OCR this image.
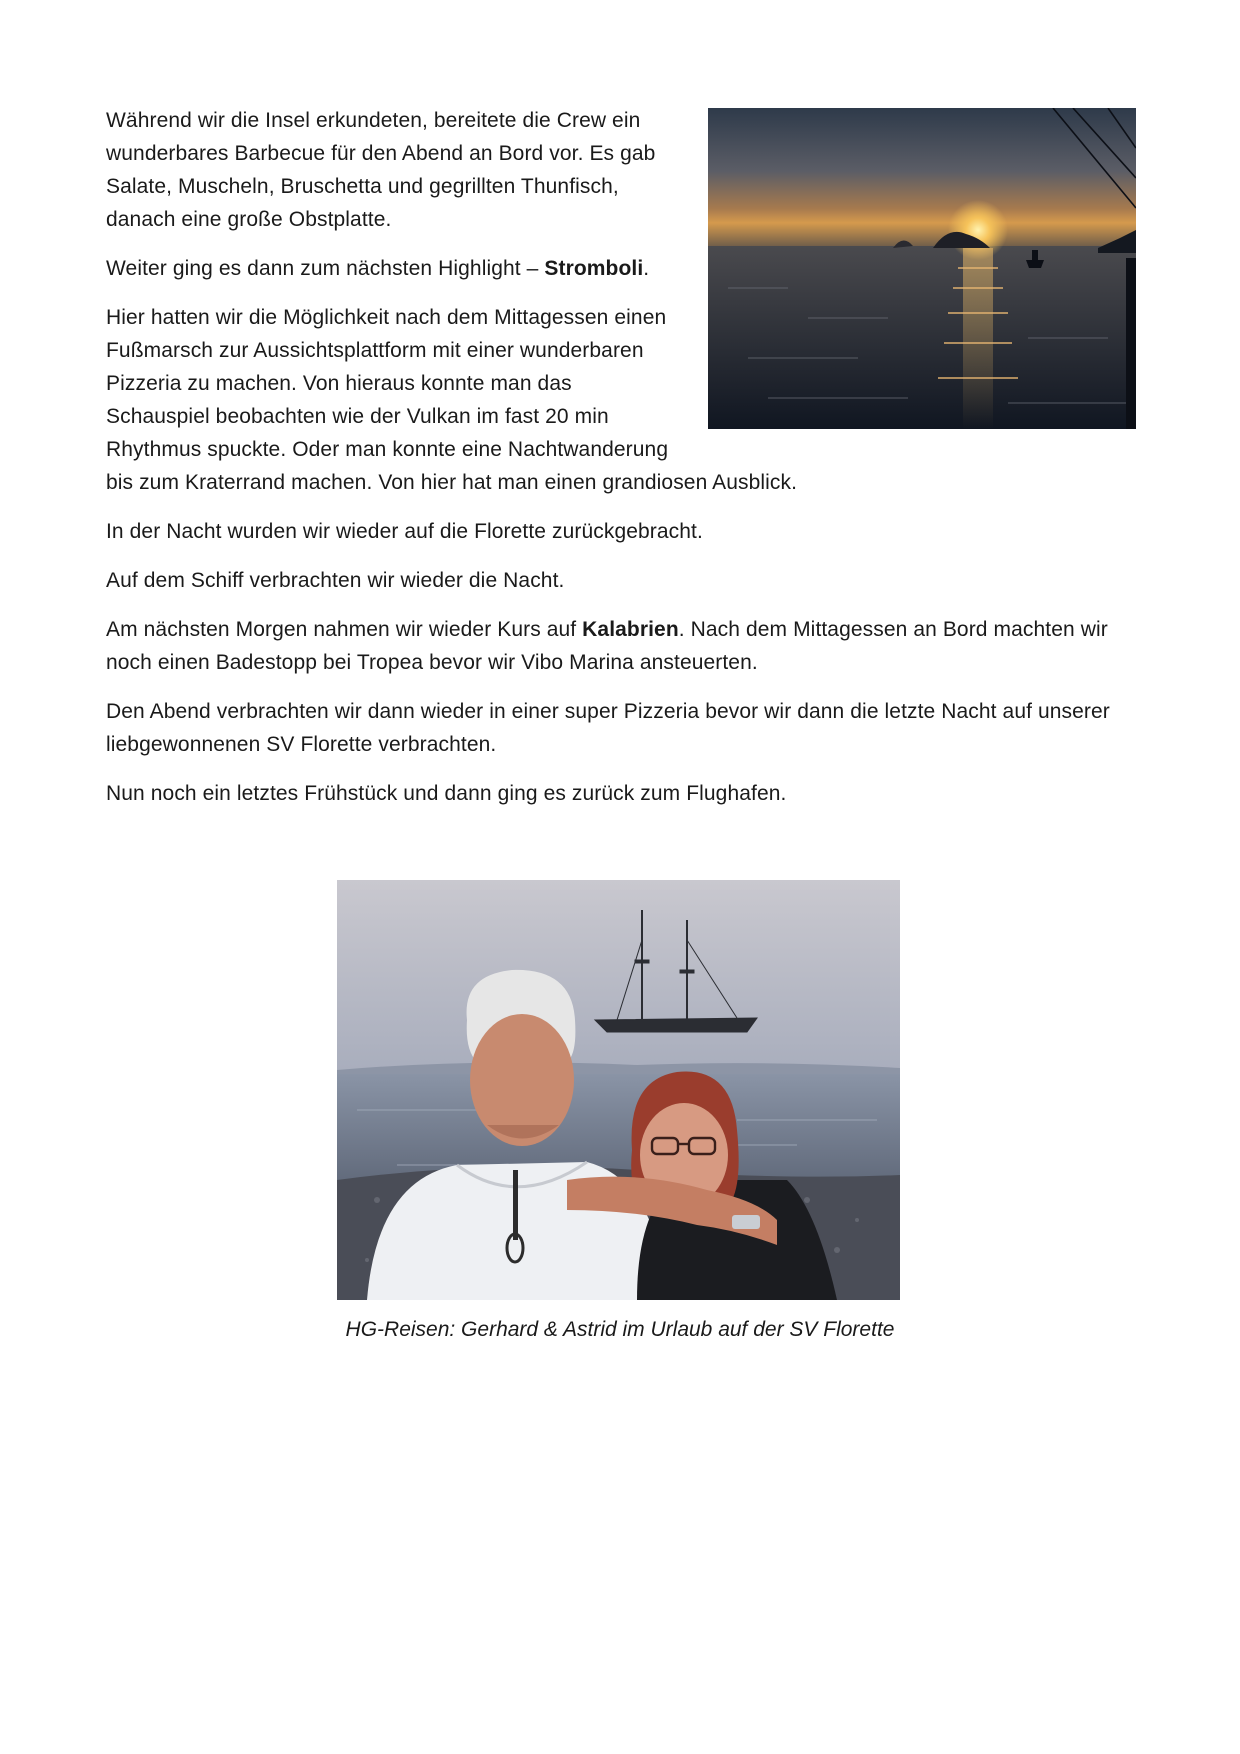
Während wir die Insel erkundeten, bereitete die Crew ein wunderbares Barbecue für den Abend an Bord vor. Es gab Salate, Muscheln, Bruschetta und gegrillten Thunfisch, danach eine große Obstplatte.

Weiter ging es dann zum nächsten Highlight – Stromboli.

Hier hatten wir die Möglichkeit nach dem Mittagessen einen Fußmarsch zur Aussichtsplattform mit einer wunderbaren Pizzeria zu machen. Von hieraus konnte man das Schauspiel beobachten wie der Vulkan im fast 20 min Rhythmus spuckte. Oder man konnte eine Nachtwanderung bis zum Kraterrand machen. Von hier hat man einen grandiosen Ausblick.

In der Nacht wurden wir wieder auf die Florette zurückgebracht.

Auf dem Schiff verbrachten wir wieder die Nacht.

Am nächsten Morgen nahmen wir wieder Kurs auf Kalabrien. Nach dem Mittagessen an Bord machten wir noch einen Badestopp bei Tropea bevor wir Vibo Marina ansteuerten.

Den Abend verbrachten wir dann wieder in einer super Pizzeria bevor wir dann die letzte Nacht auf unserer liebgewonnenen SV Florette verbrachten.

Nun noch ein letztes Frühstück und dann ging es zurück zum Flughafen.

HG-Reisen: Gerhard & Astrid im Urlaub auf der SV Florette
